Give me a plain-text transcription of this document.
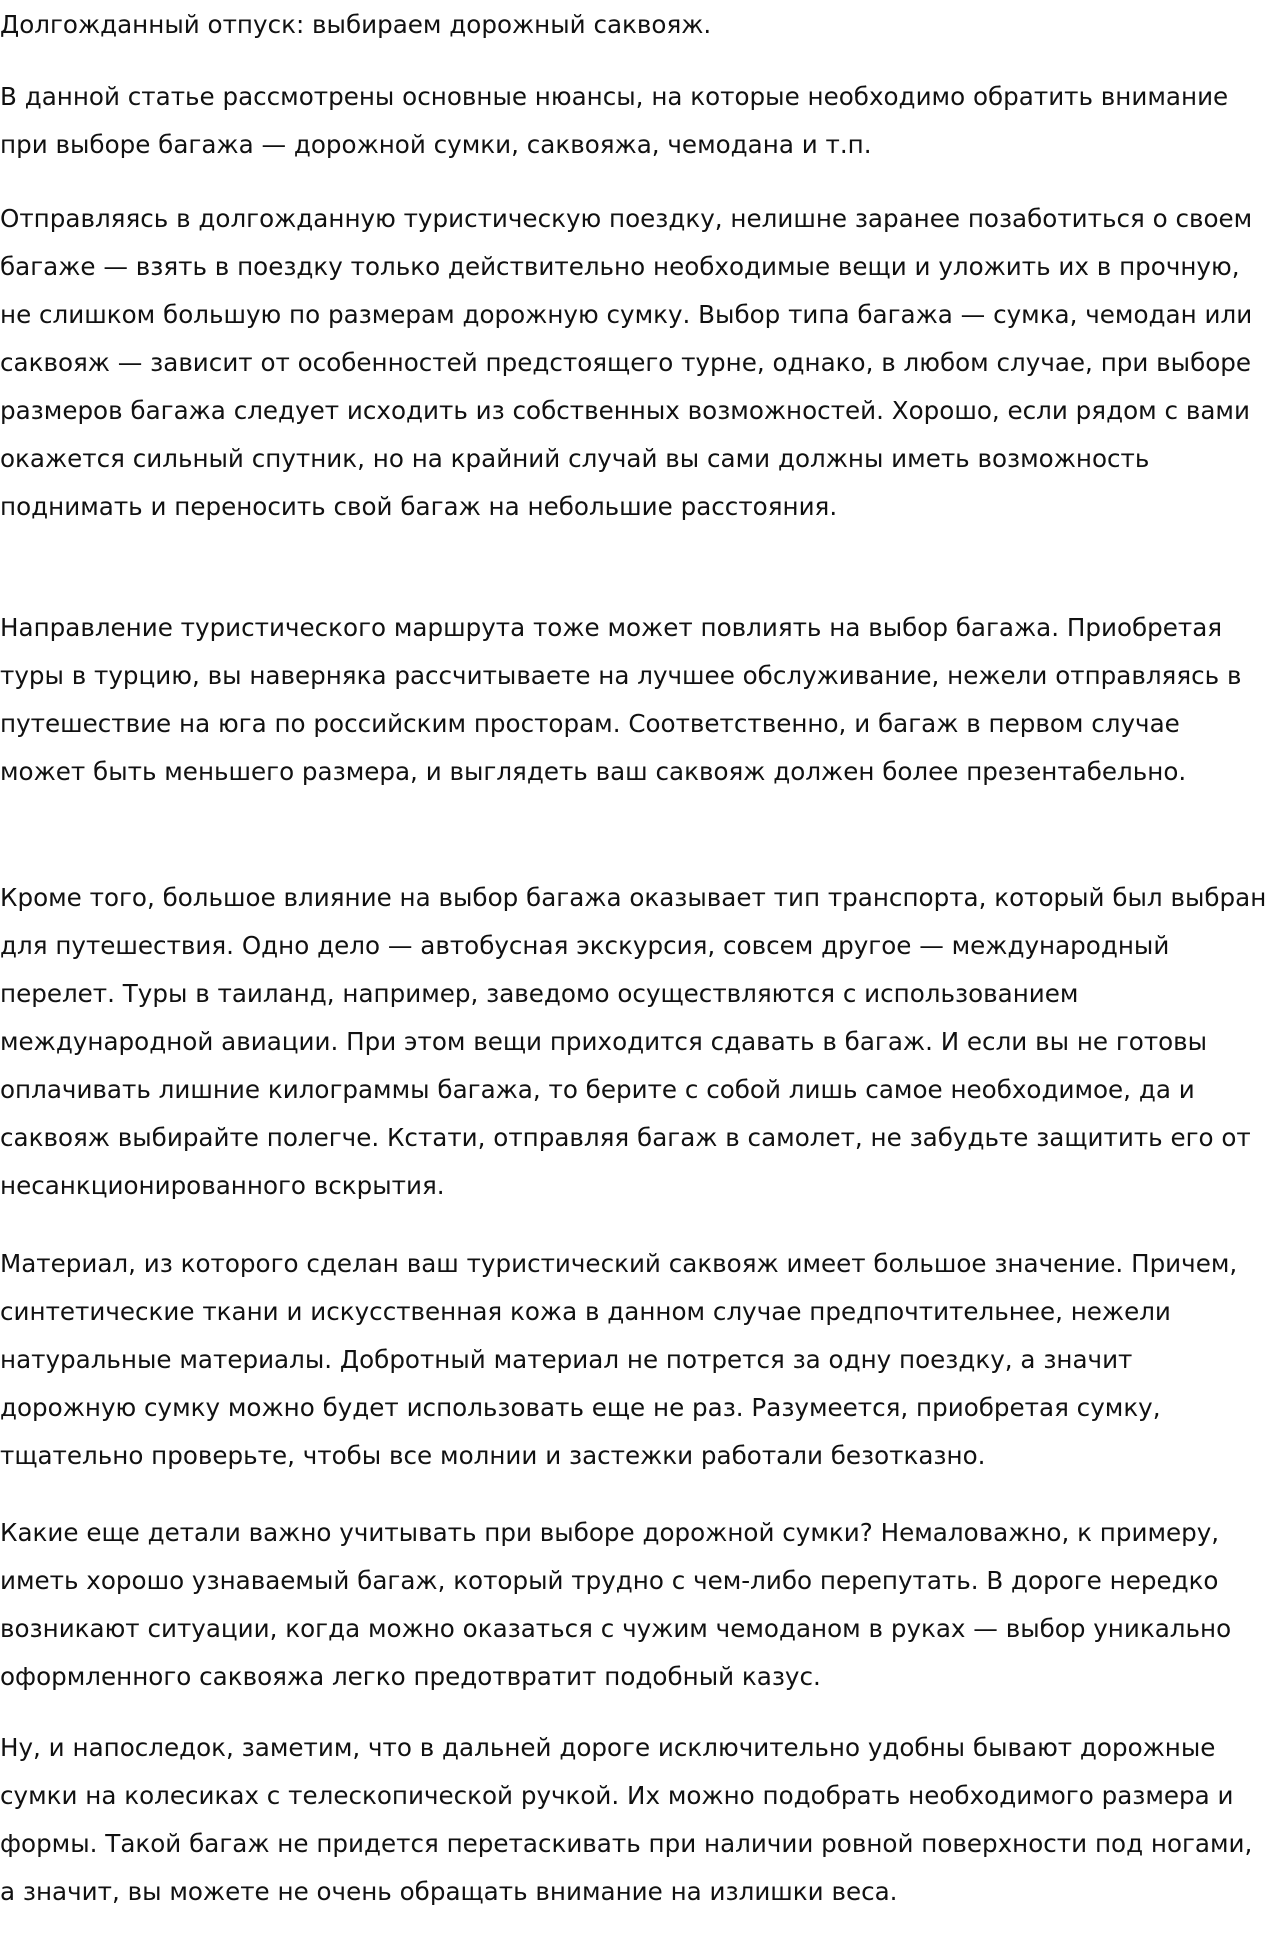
Долгожданный отпуск: выбираем дорожный саквояж.

В данной статье рассмотрены основные нюансы, на которые необходимо обратить внимание при выборе багажа — дорожной сумки, саквояжа, чемодана и т.п.

Отправляясь в долгожданную туристическую поездку, нелишне заранее позаботиться о своем багаже — взять в поездку только действительно необходимые вещи и уложить их в прочную, не слишком большую по размерам дорожную сумку. Выбор типа багажа — сумка, чемодан или саквояж — зависит от особенностей предстоящего турне, однако, в любом случае, при выборе размеров багажа следует исходить из собственных возможностей. Хорошо, если рядом с вами окажется сильный спутник, но на крайний случай вы сами должны иметь возможность поднимать и переносить свой багаж на небольшие расстояния.

Направление туристического маршрута тоже может повлиять на выбор багажа. Приобретая туры в турцию, вы наверняка рассчитываете на лучшее обслуживание, нежели отправляясь в путешествие на юга по российским просторам. Соответственно, и багаж в первом случае может быть меньшего размера, и выглядеть ваш саквояж должен более презентабельно.

Кроме того, большое влияние на выбор багажа оказывает тип транспорта, который был выбран для путешествия. Одно дело — автобусная экскурсия, совсем другое — международный перелет. Туры в таиланд, например, заведомо осуществляются с использованием международной авиации. При этом вещи приходится сдавать в багаж. И если вы не готовы оплачивать лишние килограммы багажа, то берите с собой лишь самое необходимое, да и саквояж выбирайте полегче. Кстати, отправляя багаж в самолет, не забудьте защитить его от несанкционированного вскрытия.

Материал, из которого сделан ваш туристический саквояж имеет большое значение. Причем, синтетические ткани и искусственная кожа в данном случае предпочтительнее, нежели натуральные материалы. Добротный материал не потрется за одну поездку, а значит дорожную сумку можно будет использовать еще не раз. Разумеется, приобретая сумку, тщательно проверьте, чтобы все молнии и застежки работали безотказно.

Какие еще детали важно учитывать при выборе дорожной сумки? Немаловажно, к примеру, иметь хорошо узнаваемый багаж, который трудно с чем-либо перепутать. В дороге нередко возникают ситуации, когда можно оказаться с чужим чемоданом в руках — выбор уникально оформленного саквояжа легко предотвратит подобный казус.

Ну, и напоследок, заметим, что в дальней дороге исключительно удобны бывают дорожные сумки на колесиках с телескопической ручкой. Их можно подобрать необходимого размера и формы. Такой багаж не придется перетаскивать при наличии ровной поверхности под ногами, а значит, вы можете не очень обращать внимание на излишки веса.
